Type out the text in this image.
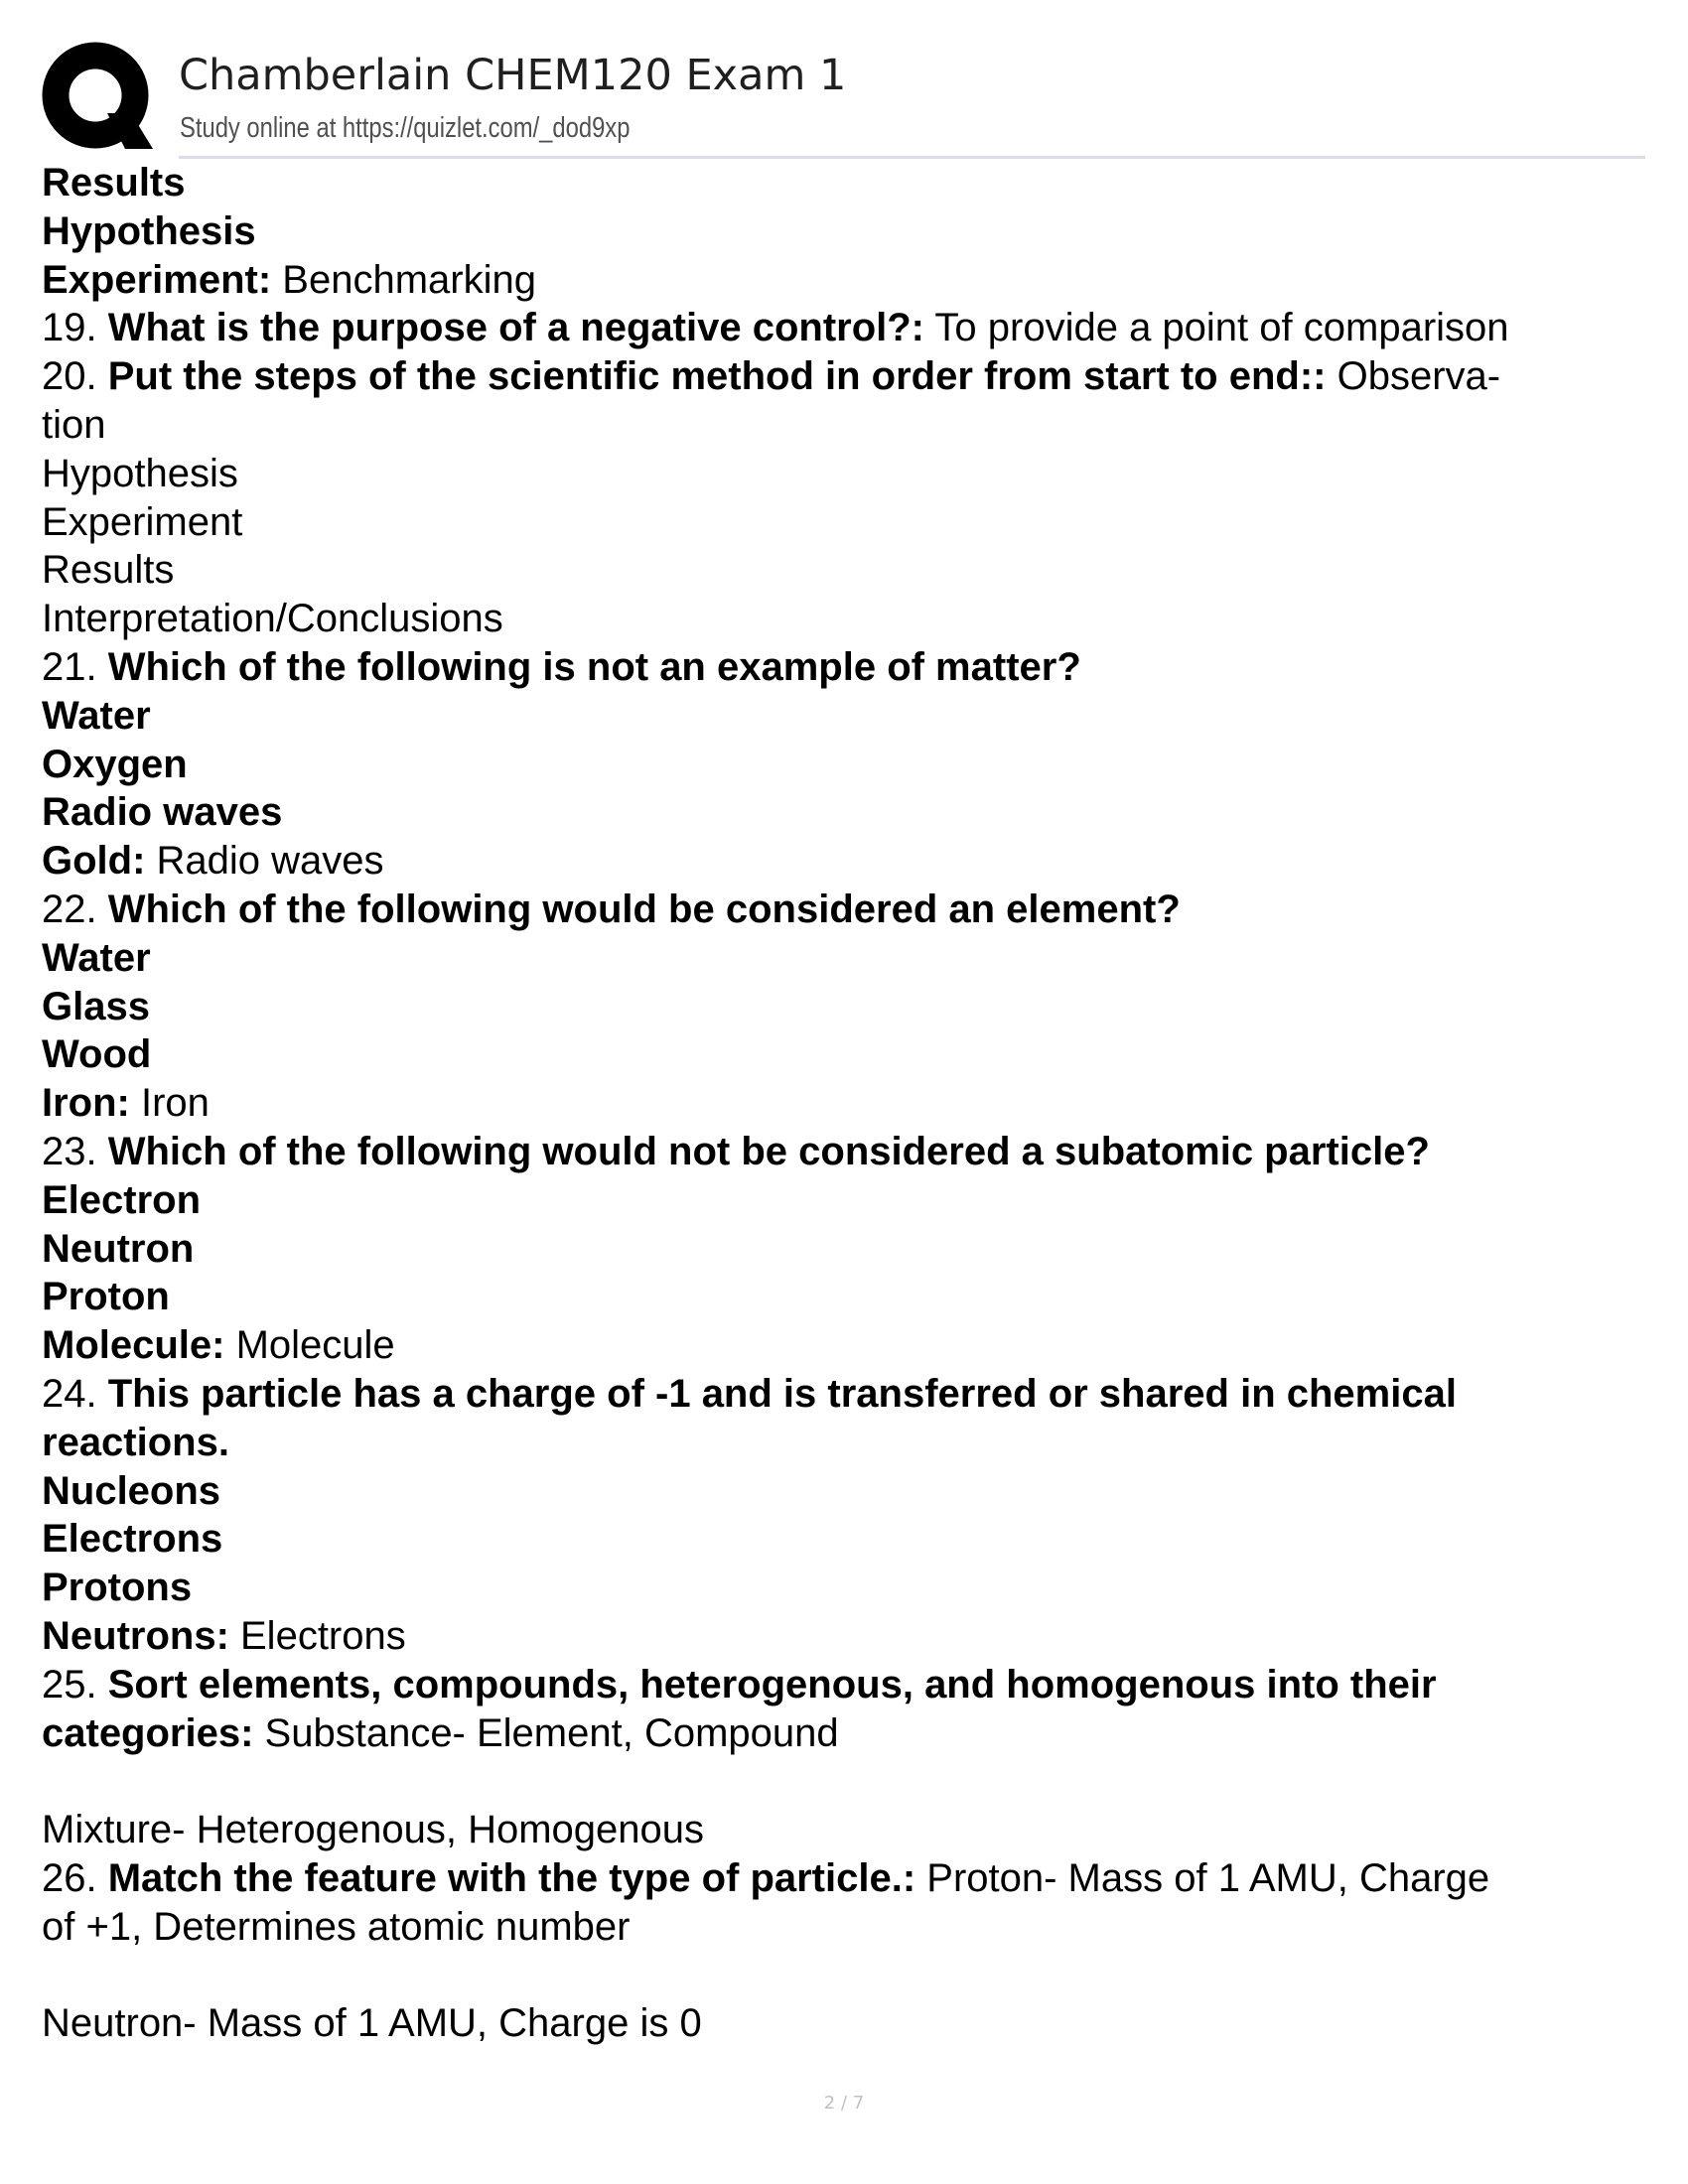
Chamberlain CHEM120 Exam 1
Study online at https://quizlet.com/_dod9xp
Results
Hypothesis
Experiment: Benchmarking
19. What is the purpose of a negative control?: To provide a point of comparison
20. Put the steps of the scientific method in order from start to end:: Observa-
tion
Hypothesis
Experiment
Results
Interpretation/Conclusions
21. Which of the following is not an example of matter?
Water
Oxygen
Radio waves
Gold: Radio waves
22. Which of the following would be considered an element?
Water
Glass
Wood
Iron: Iron
23. Which of the following would not be considered a subatomic particle?
Electron
Neutron
Proton
Molecule: Molecule
24. This particle has a charge of -1 and is transferred or shared in chemical
reactions.
Nucleons
Electrons
Protons
Neutrons: Electrons
25. Sort elements, compounds, heterogenous, and homogenous into their
categories: Substance- Element, Compound
Mixture- Heterogenous, Homogenous
26. Match the feature with the type of particle.: Proton- Mass of 1 AMU, Charge
of +1, Determines atomic number
Neutron- Mass of 1 AMU, Charge is 0
2 / 7
